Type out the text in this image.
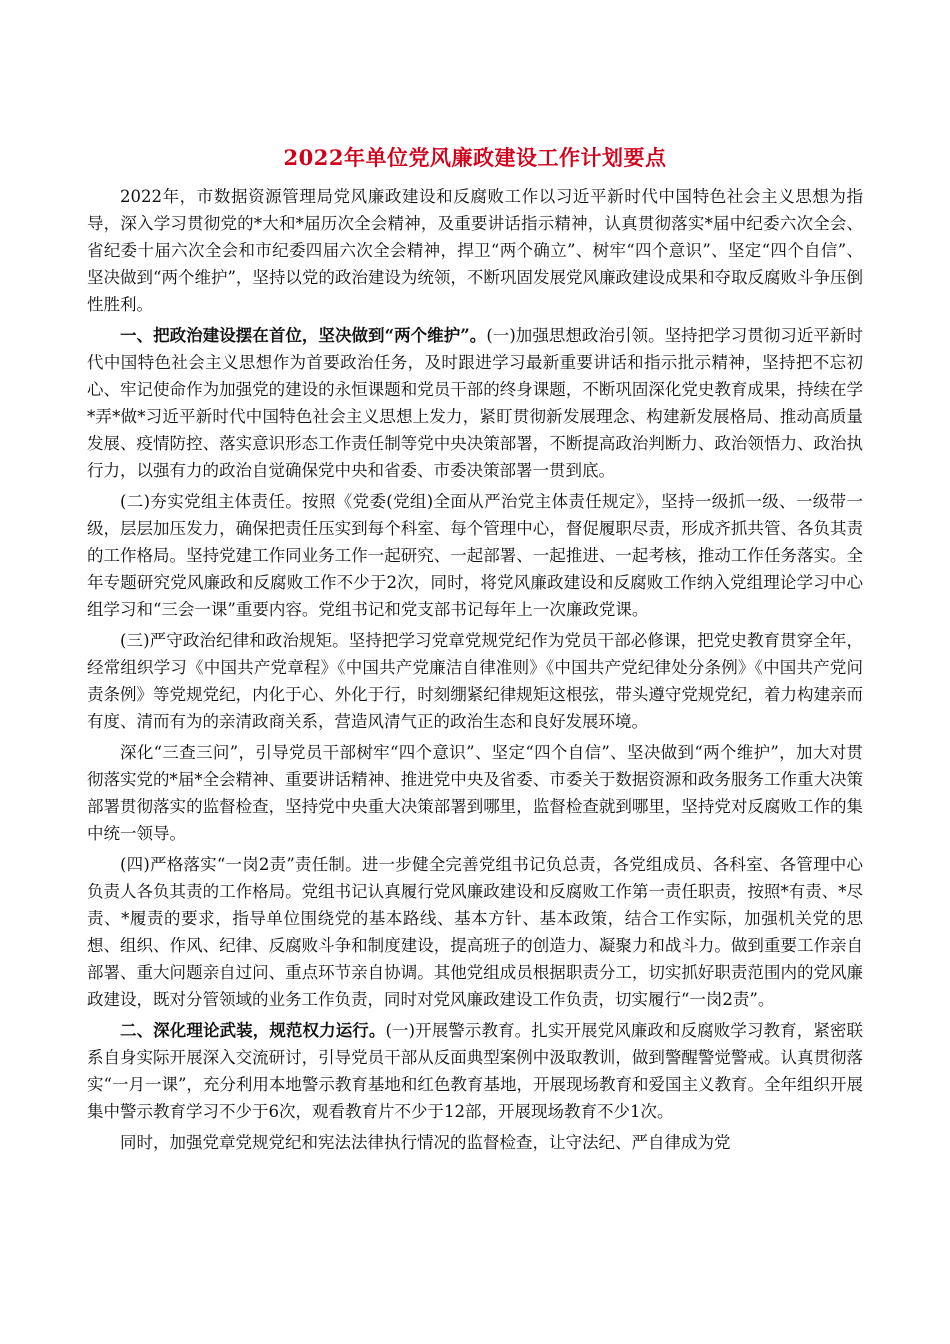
2022年单位党风廉政建设工作计划要点

2022年，市数据资源管理局党风廉政建设和反腐败工作以习近平新时代中国特色社会主义思想为指导，深入学习贯彻党的*大和*届历次全会精神，及重要讲话指示精神，认真贯彻落实*届中纪委六次全会、省纪委十届六次全会和市纪委四届六次全会精神，捍卫“两个确立”、树牢“四个意识”、坚定“四个自信”、坚决做到“两个维护”，坚持以党的政治建设为统领，不断巩固发展党风廉政建设成果和夺取反腐败斗争压倒性胜利。

一、把政治建设摆在首位，坚决做到“两个维护”。(一)加强思想政治引领。坚持把学习贯彻习近平新时代中国特色社会主义思想作为首要政治任务，及时跟进学习最新重要讲话和指示批示精神，坚持把不忘初心、牢记使命作为加强党的建设的永恒课题和党员干部的终身课题，不断巩固深化党史教育成果，持续在学*弄*做*习近平新时代中国特色社会主义思想上发力，紧盯贯彻新发展理念、构建新发展格局、推动高质量发展、疫情防控、落实意识形态工作责任制等党中央决策部署，不断提高政治判断力、政治领悟力、政治执行力，以强有力的政治自觉确保党中央和省委、市委决策部署一贯到底。

(二)夯实党组主体责任。按照《党委(党组)全面从严治党主体责任规定》，坚持一级抓一级、一级带一级，层层加压发力，确保把责任压实到每个科室、每个管理中心，督促履职尽责，形成齐抓共管、各负其责的工作格局。坚持党建工作同业务工作一起研究、一起部署、一起推进、一起考核，推动工作任务落实。全年专题研究党风廉政和反腐败工作不少于2次，同时，将党风廉政建设和反腐败工作纳入党组理论学习中心组学习和“三会一课”重要内容。党组书记和党支部书记每年上一次廉政党课。

(三)严守政治纪律和政治规矩。坚持把学习党章党规党纪作为党员干部必修课，把党史教育贯穿全年，经常组织学习《中国共产党章程》《中国共产党廉洁自律准则》《中国共产党纪律处分条例》《中国共产党问责条例》等党规党纪，内化于心、外化于行，时刻绷紧纪律规矩这根弦，带头遵守党规党纪，着力构建亲而有度、清而有为的亲清政商关系，营造风清气正的政治生态和良好发展环境。

深化“三查三问”，引导党员干部树牢“四个意识”、坚定“四个自信”、坚决做到“两个维护”，加大对贯彻落实党的*届*全会精神、重要讲话精神、推进党中央及省委、市委关于数据资源和政务服务工作重大决策部署贯彻落实的监督检查，坚持党中央重大决策部署到哪里，监督检查就到哪里，坚持党对反腐败工作的集中统一领导。

(四)严格落实“一岗2责”责任制。进一步健全完善党组书记负总责，各党组成员、各科室、各管理中心负责人各负其责的工作格局。党组书记认真履行党风廉政建设和反腐败工作第一责任职责，按照*有责、*尽责、*履责的要求，指导单位围绕党的基本路线、基本方针、基本政策，结合工作实际，加强机关党的思想、组织、作风、纪律、反腐败斗争和制度建设，提高班子的创造力、凝聚力和战斗力。做到重要工作亲自部署、重大问题亲自过问、重点环节亲自协调。其他党组成员根据职责分工，切实抓好职责范围内的党风廉政建设，既对分管领域的业务工作负责，同时对党风廉政建设工作负责，切实履行“一岗2责”。

二、深化理论武装，规范权力运行。(一)开展警示教育。扎实开展党风廉政和反腐败学习教育，紧密联系自身实际开展深入交流研讨，引导党员干部从反面典型案例中汲取教训，做到警醒警觉警戒。认真贯彻落实“一月一课”，充分利用本地警示教育基地和红色教育基地，开展现场教育和爱国主义教育。全年组织开展集中警示教育学习不少于6次，观看教育片不少于12部，开展现场教育不少1次。

同时，加强党章党规党纪和宪法法律执行情况的监督检查，让守法纪、严自律成为党
